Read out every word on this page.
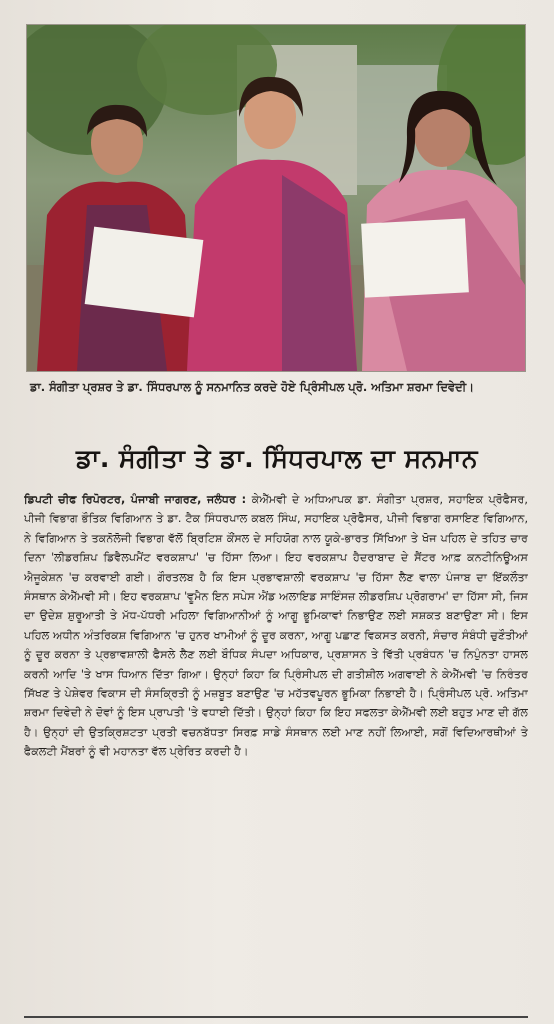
ਡਾ. ਸੰਗੀਤਾ ਪ੍ਰਸ਼ਰ ਤੇ ਡਾ. ਸਿੰਧਰਪਾਲ ਨੂੰ ਸਨਮਾਨਿਤ ਕਰਦੇ ਹੋਏ ਪ੍ਰਿੰਸੀਪਲ ਪ੍ਰੋ. ਅਤਿਮਾ ਸ਼ਰਮਾ ਦਿਵੇਦੀ।
ਡਾ. ਸੰਗੀਤਾ ਤੇ ਡਾ. ਸਿੰਧਰਪਾਲ ਦਾ ਸਨਮਾਨ
ਡਿਪਟੀ ਚੀਫ ਰਿਪੋਰਟਰ, ਪੰਜਾਬੀ ਜਾਗਰਣ, ਜਲੰਧਰ : ਕੇਐੱਮਵੀ ਦੇ ਅਧਿਆਪਕ ਡਾ. ਸੰਗੀਤਾ ਪ੍ਰਸ਼ਰ, ਸਹਾਇਕ ਪ੍ਰੋਫੈਸਰ, ਪੀਜੀ ਵਿਭਾਗ ਭੌਤਿਕ ਵਿਗਿਆਨ ਤੇ ਡਾ. ਟੈਕ ਸਿੰਧਰਪਾਲ ਕਬਲ ਸਿੰਘ, ਸਹਾਇਕ ਪ੍ਰੋਫੈਸਰ, ਪੀਜੀ ਵਿਭਾਗ ਰਸਾਇਣ ਵਿਗਿਆਨ, ਨੇ ਵਿਗਿਆਨ ਤੇ ਤਕਨੋਲੋਜੀ ਵਿਭਾਗ ਵੱਲੋਂ ਬ੍ਰਿਟਿਸ਼ ਕੌਂਸਲ ਦੇ ਸਹਿਯੋਗ ਨਾਲ ਯੂਕੇ-ਭਾਰਤ ਸਿੱਖਿਆ ਤੇ ਖੋਜ ਪਹਿਲ ਦੇ ਤਹਿਤ ਚਾਰ ਦਿਨਾ 'ਲੀਡਰਸ਼ਿਪ ਡਿਵੈਲਪਮੈਂਟ ਵਰਕਸ਼ਾਪ' 'ਚ ਹਿੱਸਾ ਲਿਆ। ਇਹ ਵਰਕਸ਼ਾਪ ਹੈਦਰਾਬਾਦ ਦੇ ਸੈਂਟਰ ਆਫ਼ ਕਨਟੀਨਿਊਅਸ ਐਜੂਕੇਸ਼ਨ 'ਚ ਕਰਵਾਈ ਗਈ। ਗੌਰਤਲਬ ਹੈ ਕਿ ਇਸ ਪ੍ਰਭਾਵਸ਼ਾਲੀ ਵਰਕਸ਼ਾਪ 'ਚ ਹਿੱਸਾ ਲੈਣ ਵਾਲਾ ਪੰਜਾਬ ਦਾ ਇੱਕਲੌਤਾ ਸੰਸਥਾਨ ਕੇਐੱਮਵੀ ਸੀ। ਇਹ ਵਰਕਸ਼ਾਪ 'ਵੂਮੈਨ ਇਨ ਸਪੇਸ ਐਂਡ ਅਲਾਇਡ ਸਾਇੰਸਜ਼ ਲੀਡਰਸ਼ਿਪ ਪ੍ਰੋਗਰਾਮ' ਦਾ ਹਿੱਸਾ ਸੀ, ਜਿਸ ਦਾ ਉਦੇਸ਼ ਸ਼ੁਰੂਆਤੀ ਤੇ ਮੱਧ-ਪੱਧਰੀ ਮਹਿਲਾ ਵਿਗਿਆਨੀਆਂ ਨੂੰ ਆਗੂ ਭੂਮਿਕਾਵਾਂ ਨਿਭਾਉਣ ਲਈ ਸਸ਼ਕਤ ਬਣਾਉਣਾ ਸੀ। ਇਸ ਪਹਿਲ ਅਧੀਨ ਅੰਤਰਿਕਸ਼ ਵਿਗਿਆਨ 'ਚ ਹੁਨਰ ਖਾਮੀਆਂ ਨੂੰ ਦੂਰ ਕਰਨਾ, ਆਗੂ ਪਛਾਣ ਵਿਕਸਤ ਕਰਨੀ, ਸੰਚਾਰ ਸੰਬੰਧੀ ਚੁਣੌਤੀਆਂ ਨੂੰ ਦੂਰ ਕਰਨਾ ਤੇ ਪ੍ਰਭਾਵਸ਼ਾਲੀ ਫੈਸਲੇ ਲੈਣ ਲਈ ਬੌਧਿਕ ਸੰਪਦਾ ਅਧਿਕਾਰ, ਪ੍ਰਸ਼ਾਸਨ ਤੇ ਵਿੱਤੀ ਪ੍ਰਬੰਧਨ 'ਚ ਨਿਪੁੰਨਤਾ ਹਾਸਲ ਕਰਨੀ ਆਦਿ 'ਤੇ ਖਾਸ ਧਿਆਨ ਦਿੱਤਾ ਗਿਆ। ਉਨ੍ਹਾਂ ਕਿਹਾ ਕਿ ਪ੍ਰਿੰਸੀਪਲ ਦੀ ਗਤੀਸ਼ੀਲ ਅਗਵਾਈ ਨੇ ਕੇਐੱਮਵੀ 'ਚ ਨਿਰੰਤਰ ਸਿੱਖਣ ਤੇ ਪੇਸ਼ੇਵਰ ਵਿਕਾਸ ਦੀ ਸੰਸਕ੍ਰਿਤੀ ਨੂੰ ਮਜ਼ਬੂਤ ਬਣਾਉਣ 'ਚ ਮਹੱਤਵਪੂਰਨ ਭੂਮਿਕਾ ਨਿਭਾਈ ਹੈ। ਪ੍ਰਿੰਸੀਪਲ ਪ੍ਰੋ. ਅਤਿਮਾ ਸ਼ਰਮਾ ਦਿਵੇਦੀ ਨੇ ਦੋਵਾਂ ਨੂੰ ਇਸ ਪ੍ਰਾਪਤੀ 'ਤੇ ਵਧਾਈ ਦਿੱਤੀ। ਉਨ੍ਹਾਂ ਕਿਹਾ ਕਿ ਇਹ ਸਫਲਤਾ ਕੇਐੱਮਵੀ ਲਈ ਬਹੁਤ ਮਾਣ ਦੀ ਗੱਲ ਹੈ। ਉਨ੍ਹਾਂ ਦੀ ਉਤਕ੍ਰਿਸ਼ਟਤਾ ਪ੍ਰਤੀ ਵਚਨਬੱਧਤਾ ਸਿਰਫ਼ ਸਾਡੇ ਸੰਸਥਾਨ ਲਈ ਮਾਣ ਨਹੀਂ ਲਿਆਈ, ਸਗੋਂ ਵਿਦਿਆਰਥੀਆਂ ਤੇ ਫੈਕਲਟੀ ਮੈਂਬਰਾਂ ਨੂੰ ਵੀ ਮਹਾਨਤਾ ਵੱਲ ਪ੍ਰੇਰਿਤ ਕਰਦੀ ਹੈ।
